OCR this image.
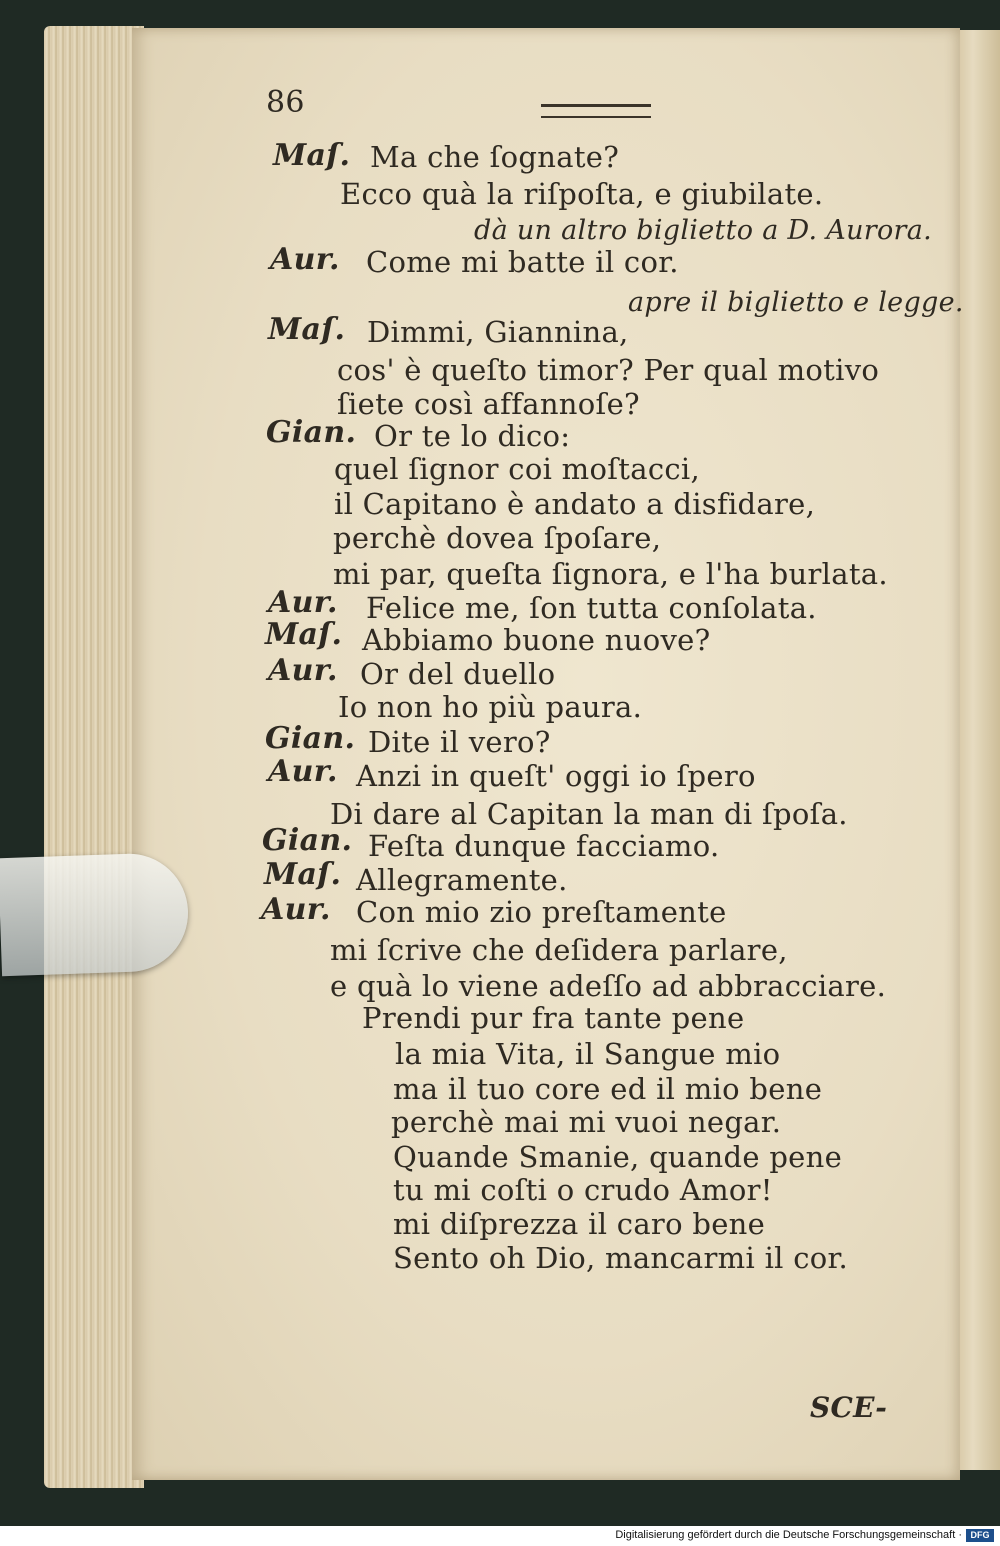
86
Maſ. Ma che ſognate?
Ecco quà la riſpoſta, e giubilate.
dà un altro biglietto a D. Aurora.
Aur. Come mi batte il cor.
apre il biglietto e legge.
Maſ. Dimmi, Giannina,
cos' è queſto timor? Per qual motivo
ſiete così affannoſe?
Gian. Or te lo dico:
quel ſignor coi moſtacci,
il Capitano è andato a disfidare,
perchè dovea ſpoſare,
mi par, queſta ſignora, e l'ha burlata.
Aur. Felice me, ſon tutta conſolata.
Maſ. Abbiamo buone nuove?
Aur. Or del duello
Io non ho più paura.
Gian. Dite il vero?
Aur. Anzi in queſt' oggi io ſpero
Di dare al Capitan la man di ſpoſa.
Gian. Feſta dunque facciamo.
Maſ. Allegramente.
Aur. Con mio zio preſtamente
mi ſcrive che deſidera parlare,
e quà lo viene adeſſo ad abbracciare.
Prendi pur fra tante pene
la mia Vita, il Sangue mio
ma il tuo core ed il mio bene
perchè mai mi vuoi negar.
Quande Smanie, quande pene
tu mi coſti o crudo Amor!
mi diſprezza il caro bene
Sento oh Dio, mancarmi il cor.
SCE-
Digitalisierung gefördert durch die Deutsche Forschungsgemeinschaft · DFG
